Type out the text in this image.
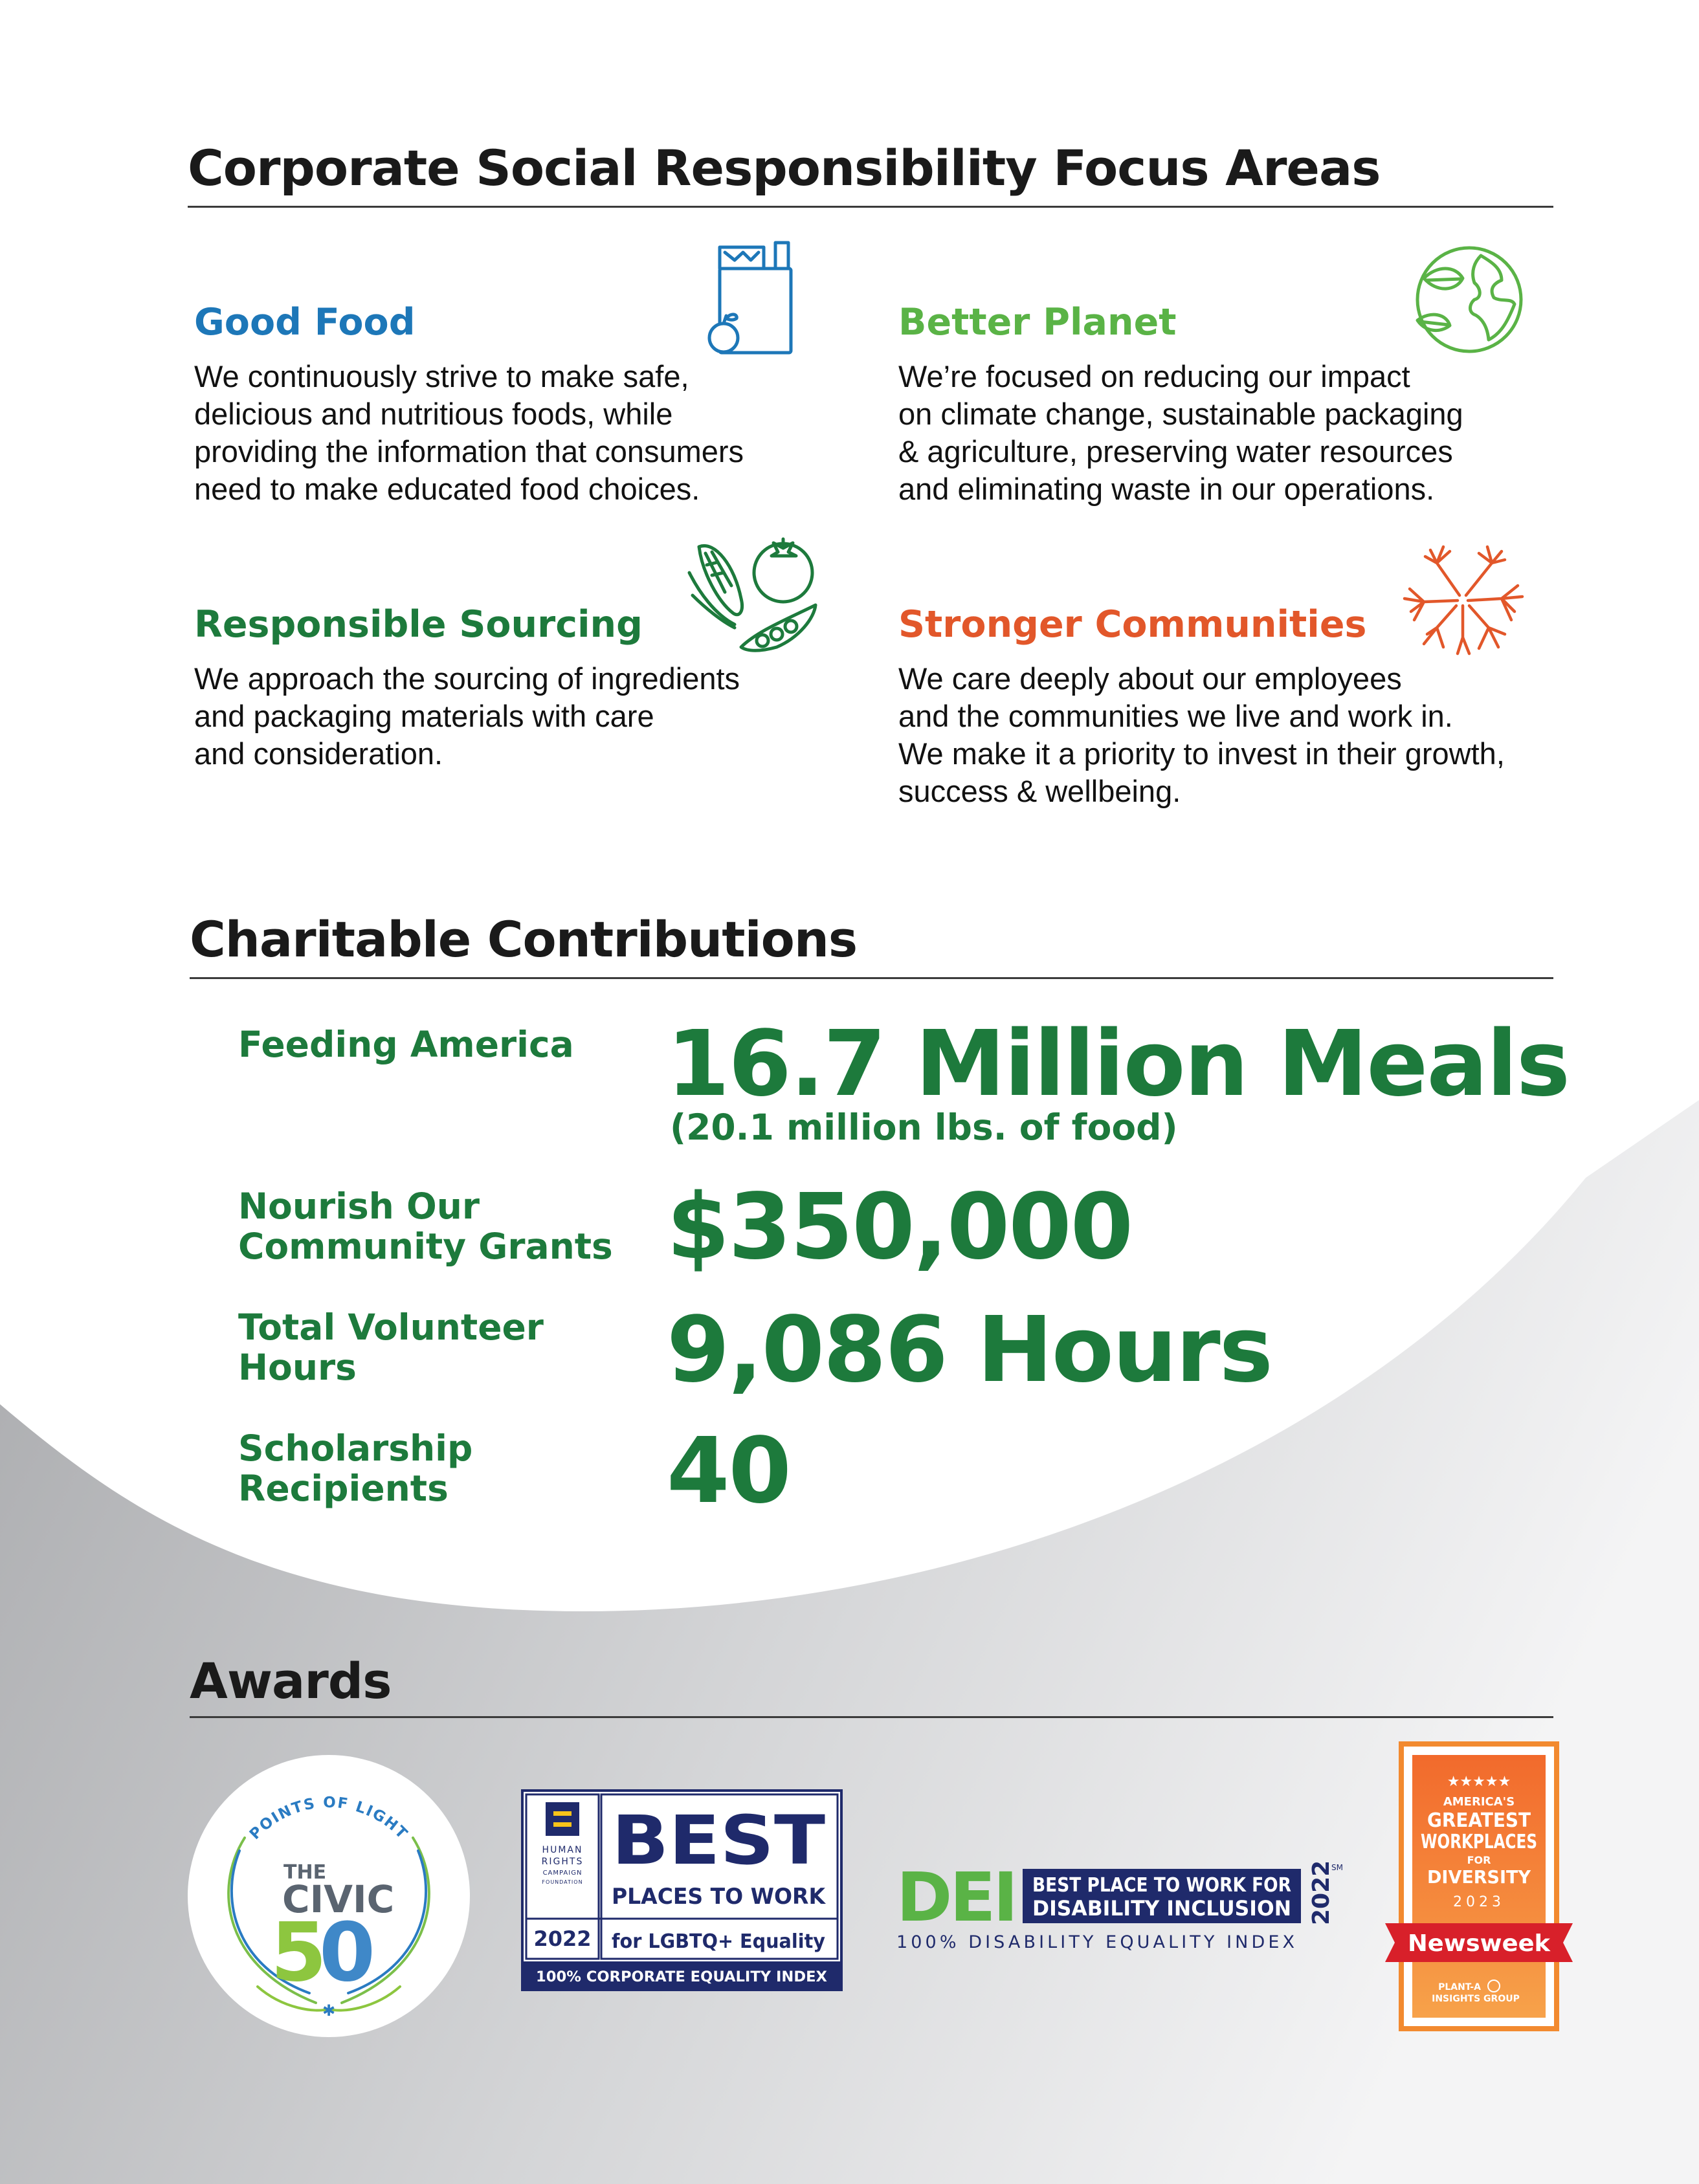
Corporate Social Responsibility Focus Areas
Good Food
We continuously strive to make safe,
delicious and nutritious foods, while
providing the information that consumers
need to make educated food choices.
Better Planet
We’re focused on reducing our impact
on climate change, sustainable packaging
& agriculture, preserving water resources
and eliminating waste in our operations.
Responsible Sourcing
We approach the sourcing of ingredients
and packaging materials with care
and consideration.
Stronger Communities
We care deeply about our employees
and the communities we live and work in.
We make it a priority to invest in their growth,
success & wellbeing.
Charitable Contributions
Feeding America 16.7 Million Meals
(20.1 million lbs. of food)
Nourish Our
Community Grants $350,000
Total Volunteer
Hours	9,086 Hours
Scholarship
Recipients 40
Awards
POINTS OF LIGHT
THE
CIVIC
5
0
✱
HUMAN
RIGHTS
CAMPAIGN
FOUNDATION
2022
BEST
PLACES TO WORK
for LGBTQ+ Equality
100% CORPORATE EQUALITY INDEX
DEI BEST PLACE TO WORK FOR
DISABILITY INCLUSION 2022
SM
100% DISABILITY EQUALITY INDEX
★★★★★
AMERICA'S
GREATEST
WORKPLACES
FOR
DIVERSITY
2023
Newsweek
PLANT-A
INSIGHTS GROUP
